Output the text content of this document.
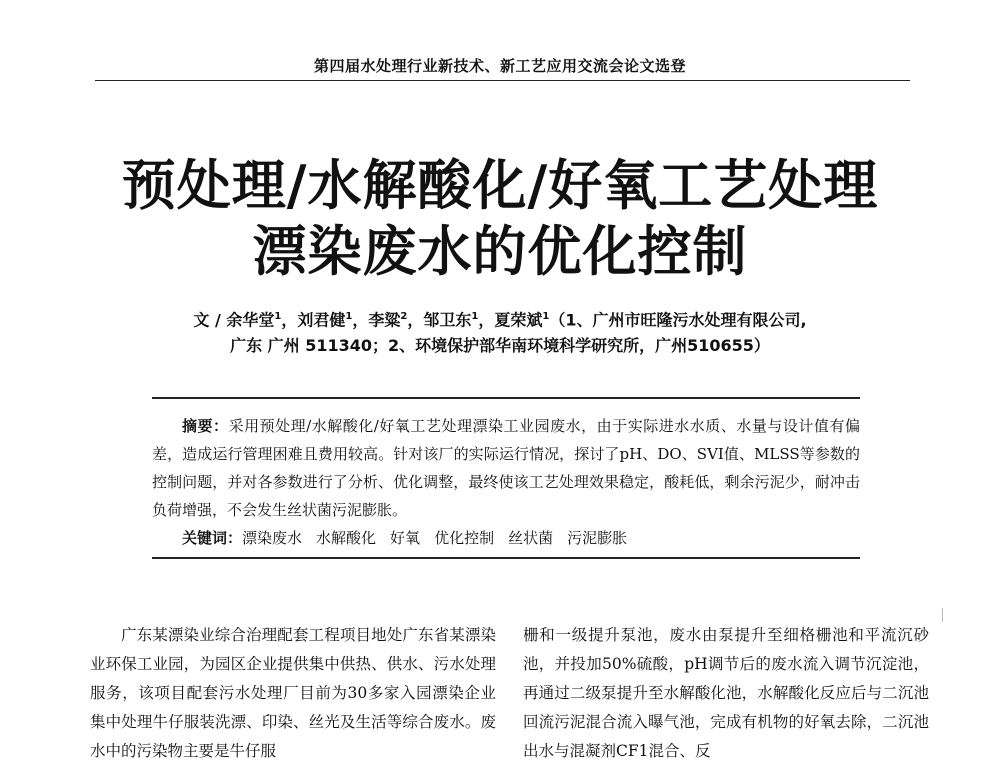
第四届水处理行业新技术、新工艺应用交流会论文选登
预处理/水解酸化/好氧工艺处理
漂染废水的优化控制
文 / 余华堂$^1$，刘君健$^1$，李粱$^2$，邹卫东$^1$，夏荣斌$^1$（1、广州市旺隆污水处理有限公司,
广东 广州 511340；2、环境保护部华南环境科学研究所，广州510655）
摘要：采用预处理/水解酸化/好氧工艺处理漂染工业园废水，由于实际进水水质、水量与设计值有偏差，造成运行管理困难且费用较高。针对该厂的实际运行情况，探讨了pH、DO、SVI值、MLSS等参数的控制问题，并对各参数进行了分析、优化调整，最终使该工艺处理效果稳定，酸耗低，剩余污泥少，耐冲击负荷增强，不会发生丝状菌污泥膨胀。
关键词：漂染废水 水解酸化 好氧 优化控制 丝状菌 污泥膨胀

广东某漂染业综合治理配套工程项目地处广东省某漂染业环保工业园，为园区企业提供集中供热、供水、污水处理服务，该项目配套污水处理厂目前为30多家入园漂染企业集中处理牛仔服装洗漂、印染、丝光及生活等综合废水。废水中的污染物主要是牛仔服

栅和一级提升泵池，废水由泵提升至细格栅池和平流沉砂池，并投加50%硫酸，pH调节后的废水流入调节沉淀池，再通过二级泵提升至水解酸化池，水解酸化反应后与二沉池回流污泥混合流入曝气池，完成有机物的好氧去除，二沉池出水与混凝剂CF1混合、反
